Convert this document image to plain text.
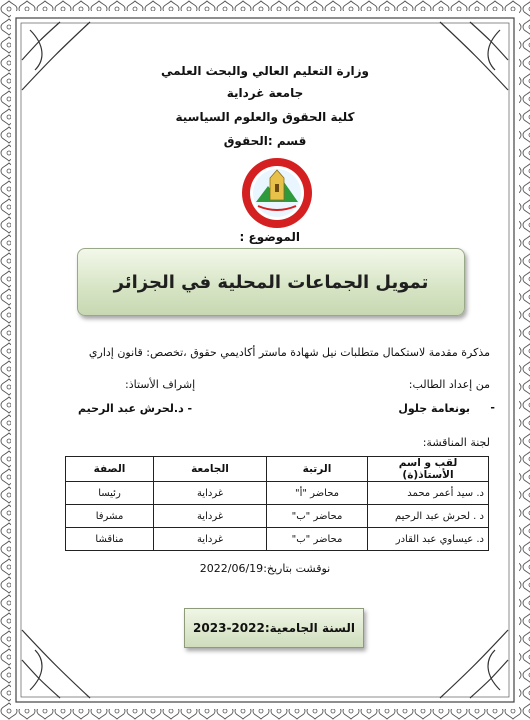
وزارة التعليم العالي والبحث العلمي
جامعة غرداية
كلية الحقوق والعلوم السياسية
قسم :الحقوق
الموضوع :
تمويل الجماعات المحلية في الجزائر
مذكرة مقدمة لاستكمال متطلبات نيل شهادة ماستر أكاديمي حقوق ،تخصص: قانون إداري
من إعداد الطالب:
إشراف الأستاذ:
-
بونعامة جلول
- د.لحرش عبد الرحيم
لجنة المناقشة:
لقب و اسم الأستاذ(ة)	الرتبة	الجامعة	الصفة
د. سيد أعمر محمد	محاضر "أ"	غرداية	رئيسا
د . لحرش عبد الرحيم	محاضر "ب"	غرداية	مشرفا
د. عيساوي عبد القادر	محاضر "ب"	غرداية	مناقشا
نوقشت بتاريخ:2022/06/19
السنة الجامعية:2022-2023
